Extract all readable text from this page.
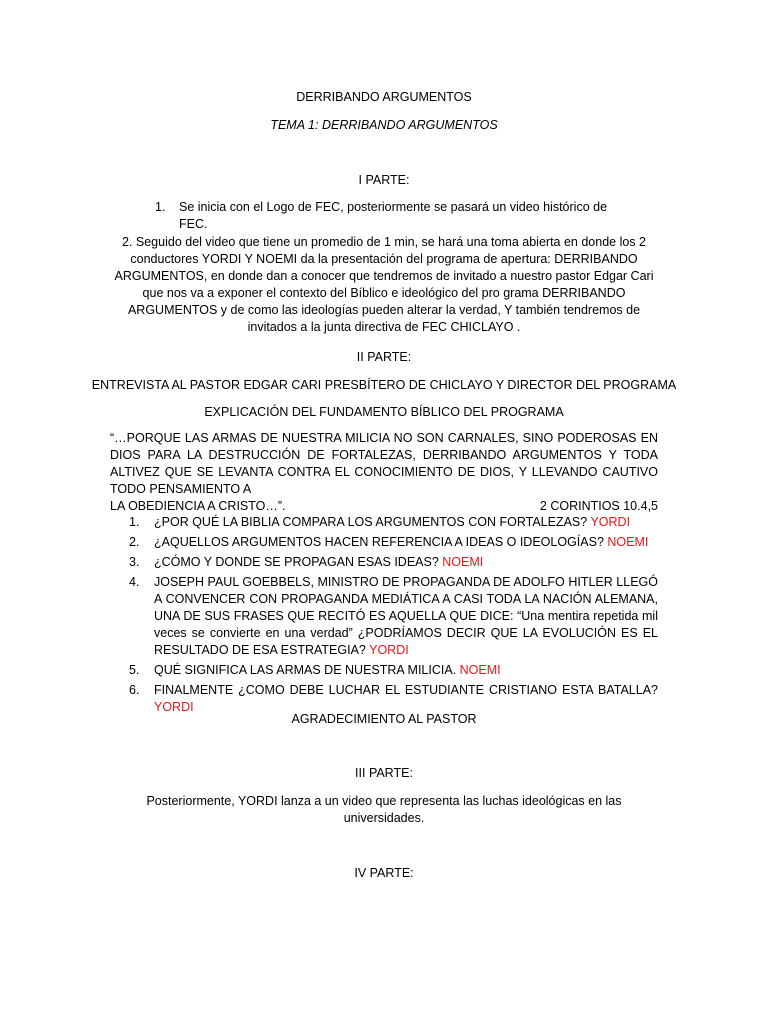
DERRIBANDO ARGUMENTOS
TEMA 1: DERRIBANDO ARGUMENTOS
I PARTE:
1.	Se inicia con el Logo de FEC, posteriormente se pasará un video histórico de FEC.
2. Seguido del video que tiene un promedio de 1 min, se hará una toma abierta en donde los 2 conductores YORDI Y NOEMI da la presentación del programa de apertura: DERRIBANDO ARGUMENTOS, en donde dan a conocer que tendremos de invitado a nuestro pastor Edgar Cari que nos va a exponer el contexto del Bíblico e ideológico del pro grama DERRIBANDO ARGUMENTOS y de como las ideologías pueden alterar la verdad, Y también tendremos de invitados a la junta directiva de FEC CHICLAYO .
II PARTE:
ENTREVISTA AL PASTOR EDGAR CARI PRESBÍTERO DE CHICLAYO Y DIRECTOR DEL PROGRAMA
EXPLICACIÓN DEL FUNDAMENTO BÍBLICO DEL PROGRAMA
“…PORQUE LAS ARMAS DE NUESTRA MILICIA NO SON CARNALES, SINO PODEROSAS EN DIOS PARA LA DESTRUCCIÓN DE FORTALEZAS, DERRIBANDO ARGUMENTOS Y TODA ALTIVEZ QUE SE LEVANTA CONTRA EL CONOCIMIENTO DE DIOS, Y LLEVANDO CAUTIVO TODO PENSAMIENTO A
LA OBEDIENCIA A CRISTO…”.	2 CORINTIOS 10.4,5
1. ¿POR QUÉ LA BIBLIA COMPARA LOS ARGUMENTOS CON FORTALEZAS? YORDI
2. ¿AQUELLOS ARGUMENTOS HACEN REFERENCIA A IDEAS O IDEOLOGÍAS? NOEMI
3. ¿CÓMO Y DONDE SE PROPAGAN ESAS IDEAS? NOEMI
4. JOSEPH PAUL GOEBBELS, MINISTRO DE PROPAGANDA DE ADOLFO HITLER LLEGÓ A CONVENCER CON PROPAGANDA MEDIÁTICA A CASI TODA LA NACIÓN ALEMANA, UNA DE SUS FRASES QUE RECITÓ ES AQUELLA QUE DICE: “Una mentira repetida mil veces se convierte en una verdad” ¿PODRÍAMOS DECIR QUE LA EVOLUCIÓN ES EL RESULTADO DE ESA ESTRATEGIA? YORDI
5. QUÉ SIGNIFICA LAS ARMAS DE NUESTRA MILICIA. NOEMI
6. FINALMENTE ¿COMO DEBE LUCHAR EL ESTUDIANTE CRISTIANO ESTA BATALLA? YORDI
AGRADECIMIENTO AL PASTOR
III PARTE:
Posteriormente, YORDI lanza a un video que representa las luchas ideológicas en las universidades.
IV PARTE:
